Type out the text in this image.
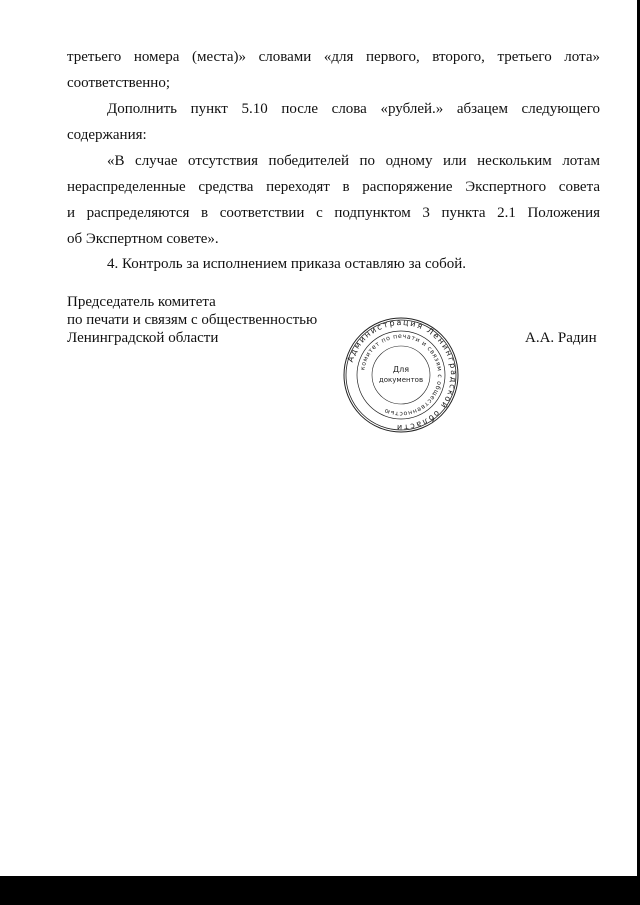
третьего номера (места)» словами «для первого, второго, третьего лота»
соответственно;
Дополнить пункт 5.10 после слова «рублей.» абзацем следующего
содержания:
«В случае отсутствия победителей по одному или нескольким лотам
нераспределенные средства переходят в распоряжение Экспертного совета
и распределяются в соответствии с подпунктом 3 пункта 2.1 Положения
об Экспертном совете».
4. Контроль за исполнением приказа оставляю за собой.
Председатель комитета
по печати и связям с общественностью
Ленинградской области	А.А. Радин
Администрация Ленинградской области
комитет по печати и связям с общественностью
Для
документов
